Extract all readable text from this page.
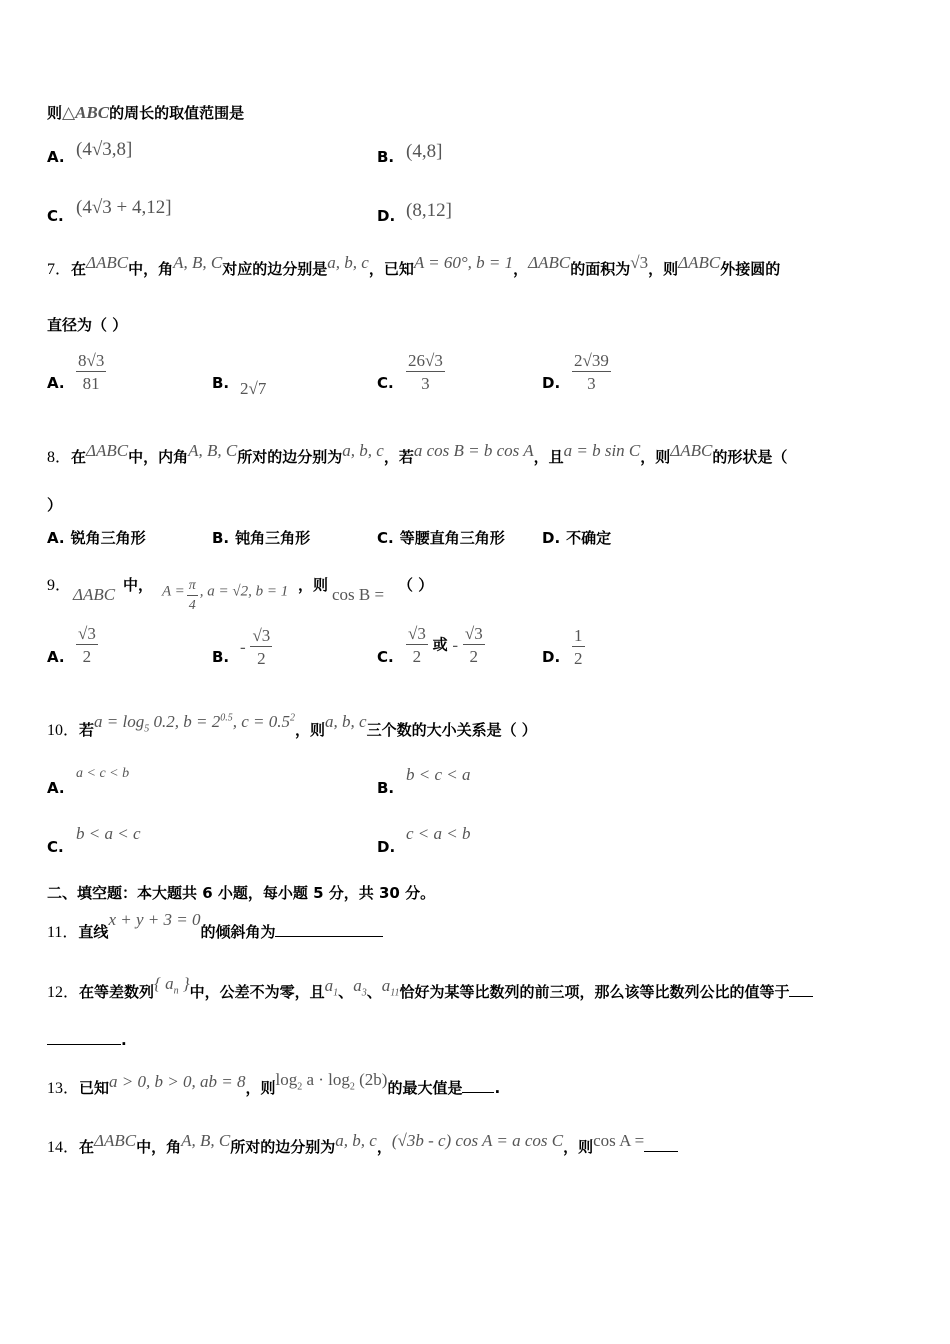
则△ABC的周长的取值范围是
A. (4√3,8]	B. (4,8]
C. (4√3 + 4,12]	D. (8,12]
7．在ΔABC中，角A, B, C对应的边分别是a, b, c，已知A = 60°, b = 1，ΔABC的面积为√3，则ΔABC外接圆的
直径为（ ）
A. $\frac{8√3}{81}$	B. 2√7	C. $\frac{26√3}{3}$	D. $\frac{2√39}{3}$
8．在ΔABC中，内角A, B, C所对的边分别为a, b, c，若a cos B = b cos A，且a = b sin C，则ΔABC的形状是（
）
A. 锐角三角形	B. 钝角三角形	C. 等腰直角三角形 D. 不确定
9． ΔABC 中， $A = \frac{\pi}{4}$ , a = √2, b = 1 ，则 cos B = （ ）
A. $\frac{√3}{2}$	B.
- $\frac{√3}{2}$	C. $\frac{√3}{2}$ 或 - $\frac{√3}{2}$	D. $\frac{1}{2}$
10．若$a = \log_5 0.2$, $b = 2^{0.5}$, $c = 0.5^2$，则a, b, c三个数的大小关系是（ ）
A.
a < c < b
B.
b < c < a
C.
b < a < c
D.
c < a < b
二、填空题：本大题共 6 小题，每小题 5 分，共 30 分。
11．直线x + y + 3 = 0的倾斜角为
12．在等差数列{ $a_n$ }中，公差不为零，且$a_1$、$a_3$、$a_{11}$恰好为某等比数列的前三项，那么该等比数列公比的值等于
.
13．已知a > 0, b > 0, ab = 8，则$\log_2 a \cdot \log_2 (2b)$的最大值是 .
14．在ΔABC中，角A, B, C所对的边分别为a, b, c，(√3b - c) cos A = a cos C，则cos A =
